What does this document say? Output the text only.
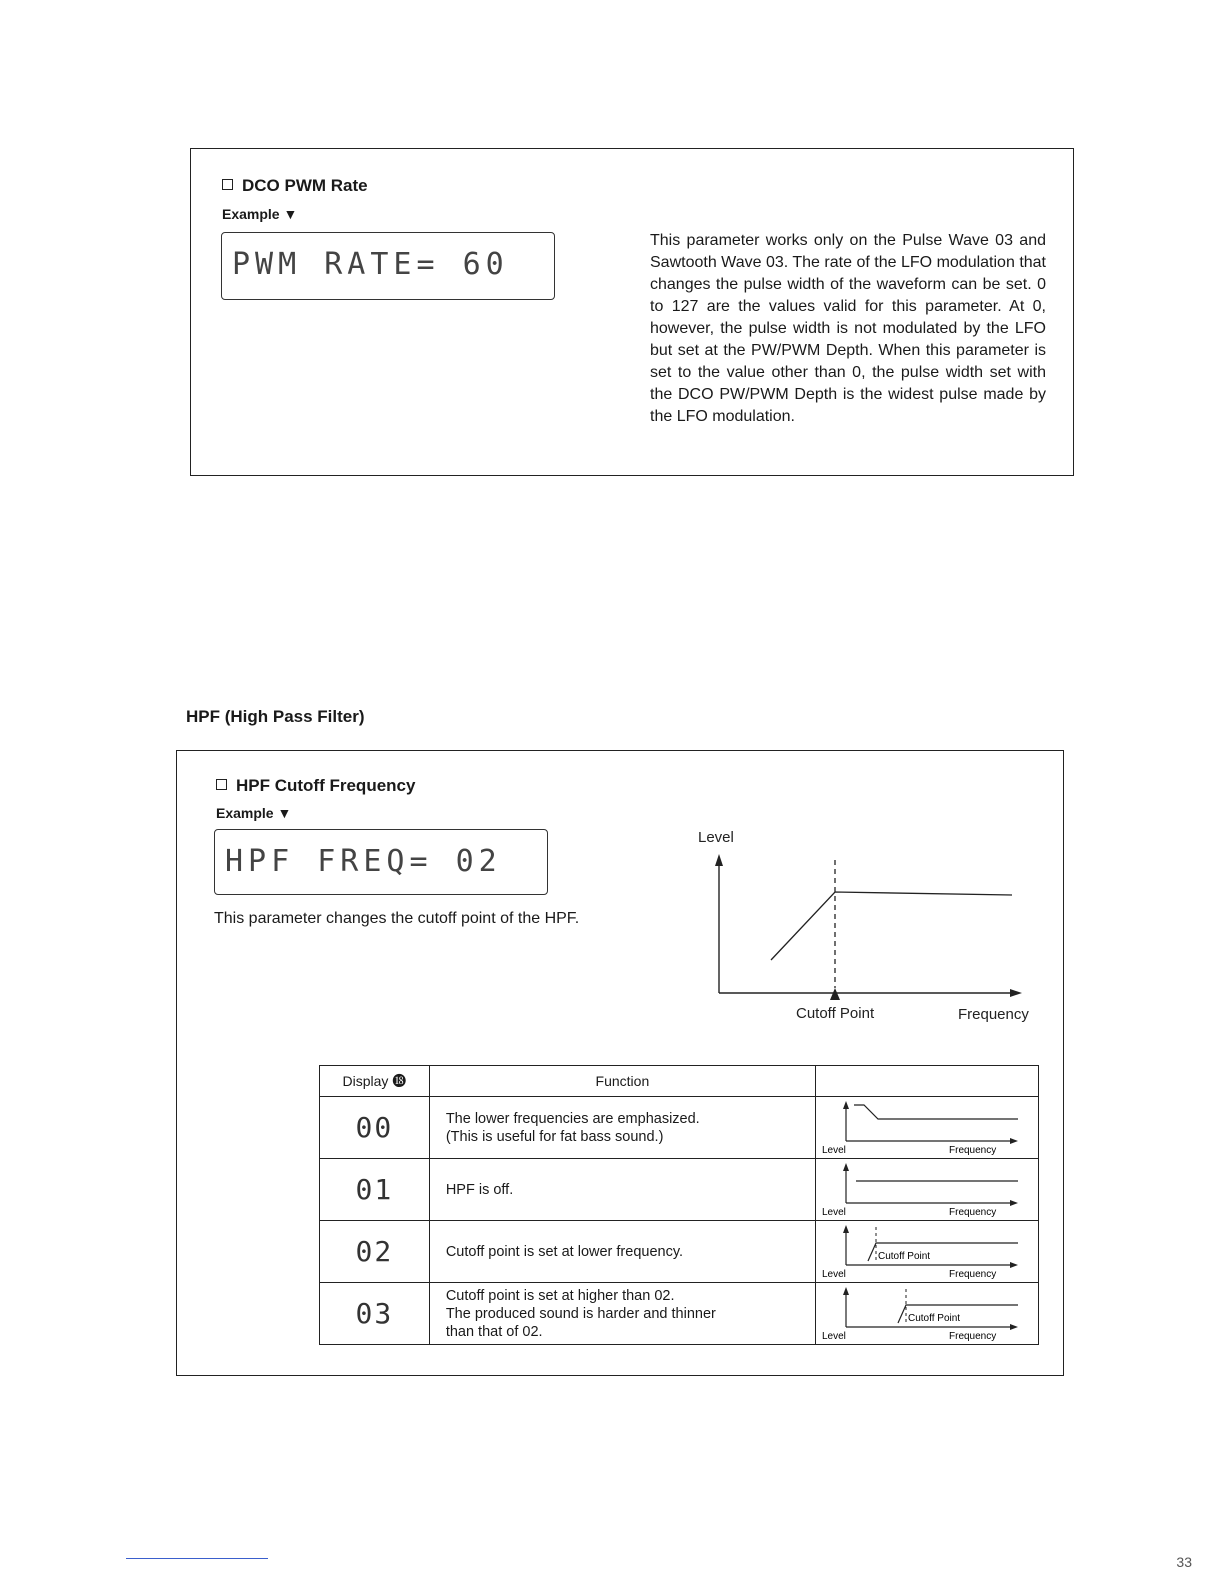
DCO PWM Rate
Example ▼
PWM RATE= 60
This parameter works only on the Pulse Wave 03 and Sawtooth Wave 03. The rate of the LFO modulation that changes the pulse width of the waveform can be set. 0 to 127 are the values valid for this parameter. At 0, however, the pulse width is not modulated by the LFO but set at the PW/PWM Depth. When this parameter is set to the value other than 0, the pulse width set with the DCO PW/PWM Depth is the widest pulse made by the LFO modulation.
HPF (High Pass Filter)
HPF Cutoff Frequency
Example ▼
HPF FREQ= 02
This parameter changes the cutoff point of the HPF.
Level
Cutoff Point	Frequency
Display ⓲	Function	
00	The lower frequencies are emphasized.
(This is useful for fat bass sound.)	Level Frequency

01	HPF is off.	Level Frequency

02	Cutoff point is set at lower frequency.	Cutoff Point
Level Frequency

03	Cutoff point is set at higher than 02.
The produced sound is harder and thinner
than that of 02.	Cutoff Point
Level Frequency
33
